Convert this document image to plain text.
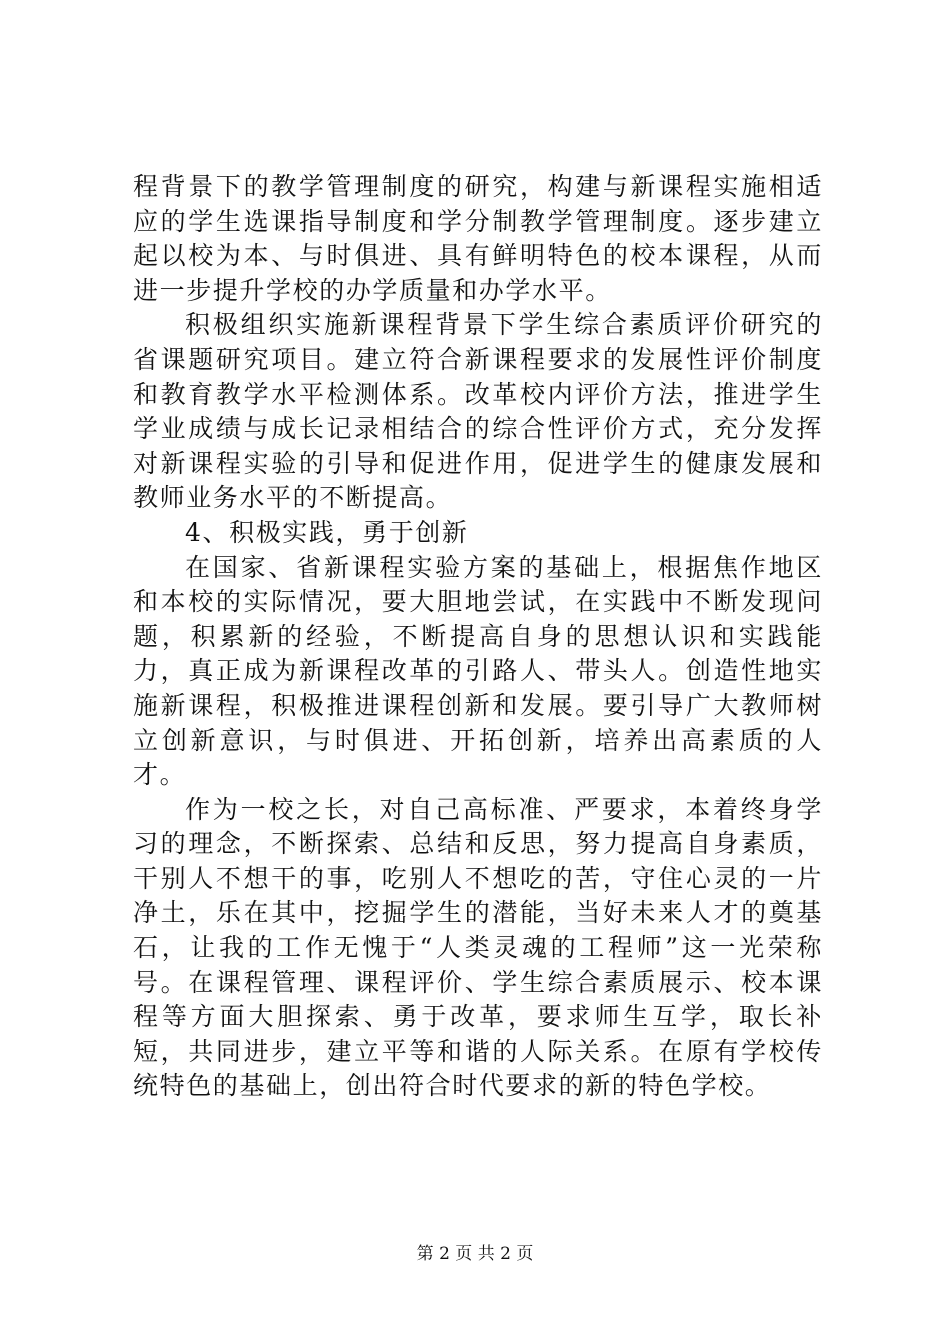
程背景下的教学管理制度的研究，构建与新课程实施相适应的学生选课指导制度和学分制教学管理制度。逐步建立起以校为本、与时俱进、具有鲜明特色的校本课程，从而进一步提升学校的办学质量和办学水平。

积极组织实施新课程背景下学生综合素质评价研究的省课题研究项目。建立符合新课程要求的发展性评价制度和教育教学水平检测体系。改革校内评价方法，推进学生学业成绩与成长记录相结合的综合性评价方式，充分发挥对新课程实验的引导和促进作用，促进学生的健康发展和教师业务水平的不断提高。

4、积极实践，勇于创新

在国家、省新课程实验方案的基础上，根据焦作地区和本校的实际情况，要大胆地尝试，在实践中不断发现问题，积累新的经验，不断提高自身的思想认识和实践能力，真正成为新课程改革的引路人、带头人。创造性地实施新课程，积极推进课程创新和发展。要引导广大教师树立创新意识，与时俱进、开拓创新，培养出高素质的人才。

作为一校之长，对自己高标准、严要求，本着终身学习的理念，不断探索、总结和反思，努力提高自身素质，干别人不想干的事，吃别人不想吃的苦，守住心灵的一片净土，乐在其中，挖掘学生的潜能，当好未来人才的奠基石，让我的工作无愧于“人类灵魂的工程师”这一光荣称号。在课程管理、课程评价、学生综合素质展示、校本课程等方面大胆探索、勇于改革，要求师生互学，取长补短，共同进步，建立平等和谐的人际关系。在原有学校传统特色的基础上，创出符合时代要求的新的特色学校。

第 2 页 共 2 页
